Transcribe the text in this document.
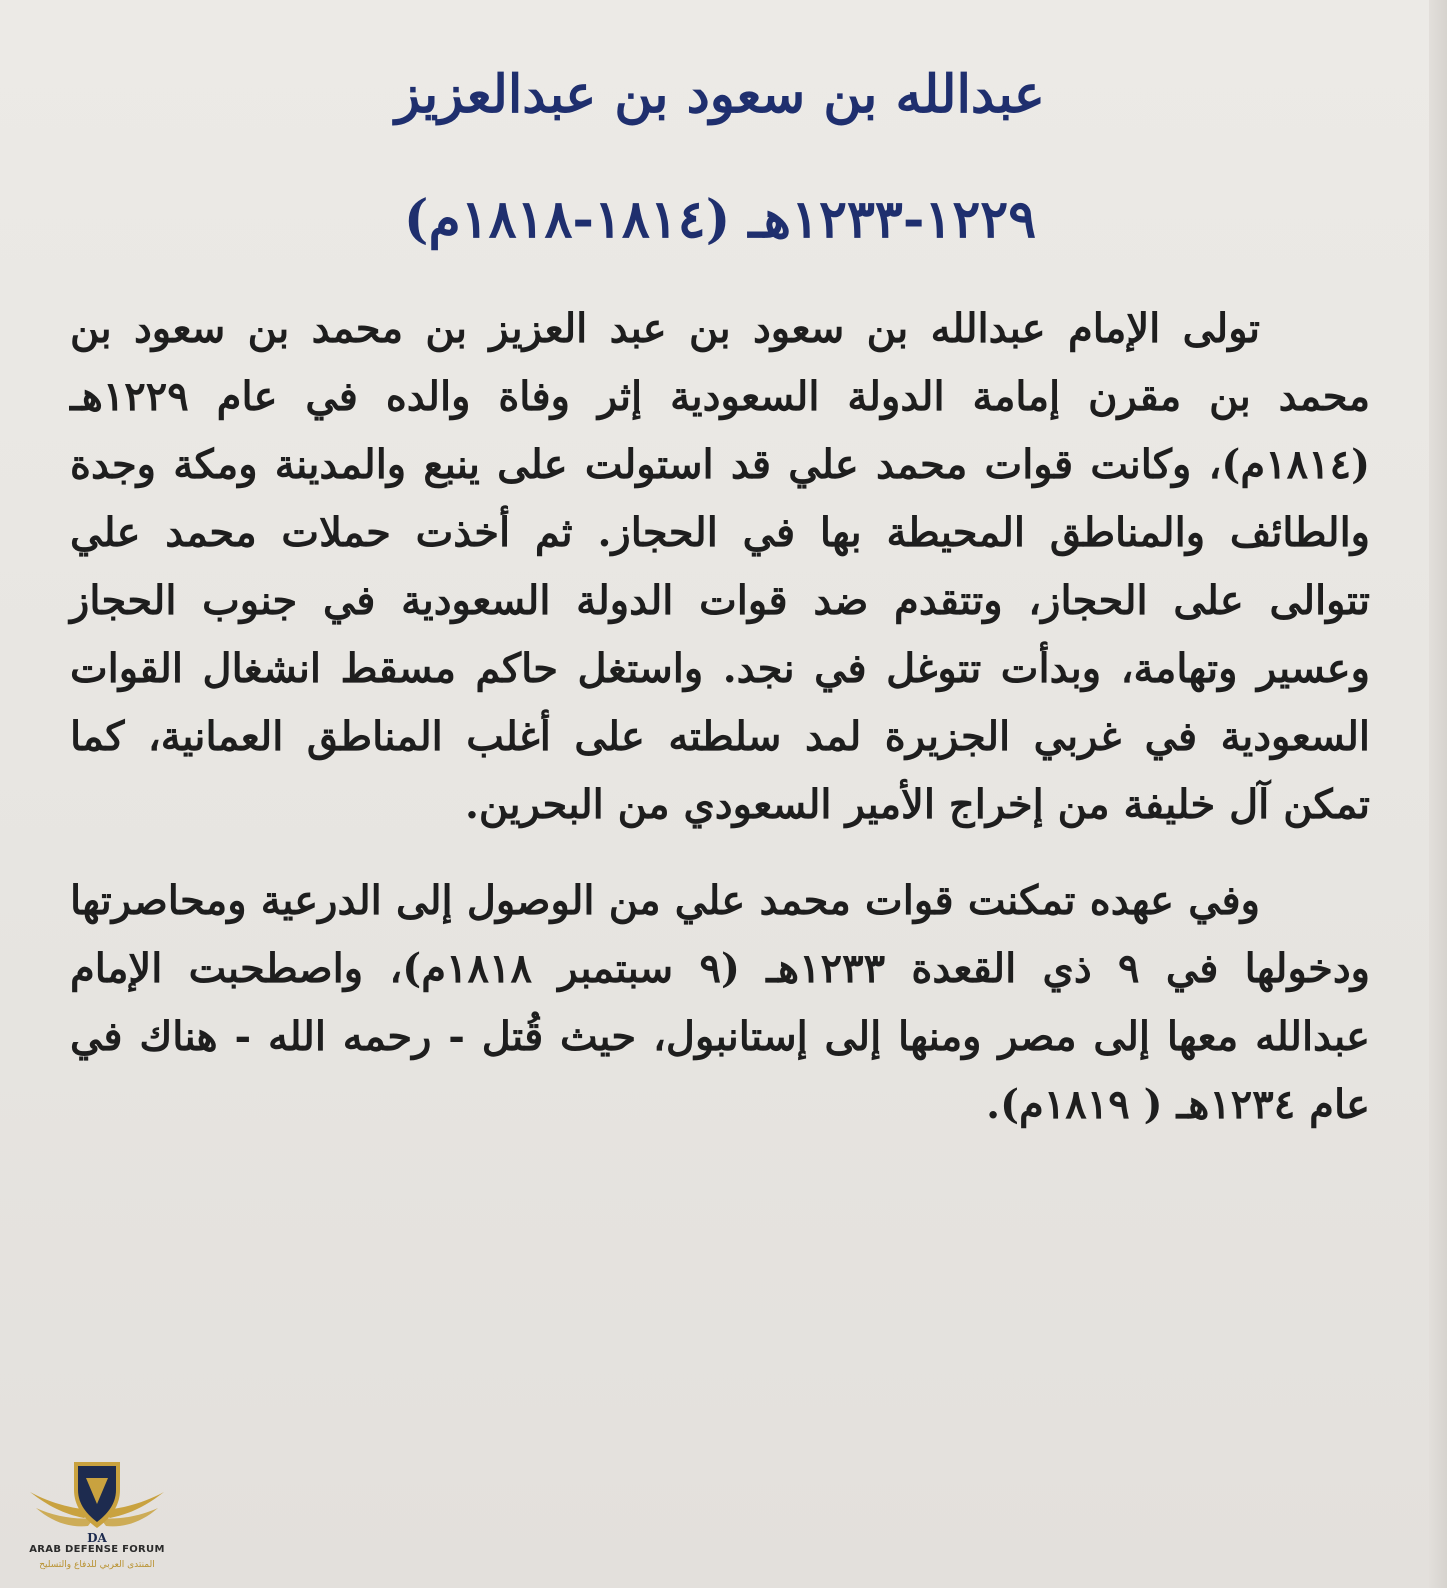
عبدالله بن سعود بن عبدالعزيز
١٢٢٩-١٢٣٣هـ (١٨١٤-١٨١٨م)

تولى الإمام عبدالله بن سعود بن عبد العزيز بن محمد بن سعود بن محمد بن مقرن إمامة الدولة السعودية إثر وفاة والده في عام ١٢٢٩هـ (١٨١٤م)، وكانت قوات محمد علي قد استولت على ينبع والمدينة ومكة وجدة والطائف والمناطق المحيطة بها في الحجاز. ثم أخذت حملات محمد علي تتوالى على الحجاز، وتتقدم ضد قوات الدولة السعودية في جنوب الحجاز وعسير وتهامة، وبدأت تتوغل في نجد. واستغل حاكم مسقط انشغال القوات السعودية في غربي الجزيرة لمد سلطته على أغلب المناطق العمانية، كما تمكن آل خليفة من إخراج الأمير السعودي من البحرين.

وفي عهده تمكنت قوات محمد علي من الوصول إلى الدرعية ومحاصرتها ودخولها في ٩ ذي القعدة ١٢٣٣هـ (٩ سبتمبر ١٨١٨م)، واصطحبت الإمام عبدالله معها إلى مصر ومنها إلى إستانبول، حيث قُتل - رحمه الله - هناك في عام ١٢٣٤هـ ( ١٨١٩م).

DA
ARAB DEFENSE FORUM
المنتدى العربي للدفاع والتسليح
